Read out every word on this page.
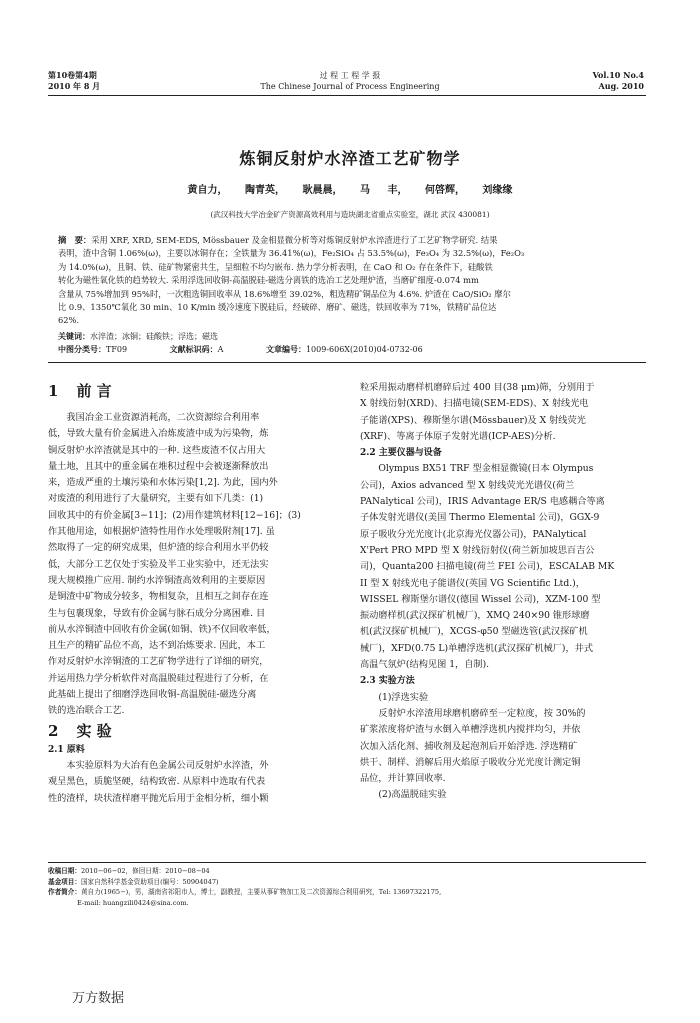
第10卷第4期
2010 年 8 月
过 程 工 程 学 报
The Chinese Journal of Process Engineering
Vol.10 No.4
Aug. 2010
炼铜反射炉水淬渣工艺矿物学
黄自力， 陶青英， 耿晨晨， 马 丰， 何啓辉， 刘缘缘
(武汉科技大学冶金矿产资源高效利用与造块湖北省重点实验室，湖北 武汉 430081)
摘　要：采用 XRF, XRD, SEM-EDS, Mössbauer 及金相显微分析等对炼铜反射炉水淬渣进行了工艺矿物学研究. 结果
表明，渣中含铜 1.06%(ω)，主要以冰铜存在；全铁量为 36.41%(ω)，Fe₂SiO₄ 占 53.5%(ω)，Fe₃O₄ 为 32.5%(ω)，Fe₂O₃
为 14.0%(ω)，且铜、铁、硅矿物紧密共生，呈细粒不均匀嵌布. 热力学分析表明，在 CaO 和 O₂ 存在条件下，硅酸铁
转化为磁性氧化铁的趋势较大. 采用浮选回收铜-高温脱硅-磁选分离铁的选冶工艺处理炉渣，当磨矿细度-0.074 mm
含量从 75%增加到 95%时，一次粗选铜回收率从 18.6%增至 39.02%，粗选精矿铜品位为 4.6%. 炉渣在 CaO/SiO₂ 摩尔
比 0.9、1350℃氧化 30 min、10 K/min 缓冷速度下脱硅后，经破碎、磨矿、磁选，铁回收率为 71%，铁精矿品位达
62%.
关键词：水淬渣；冰铜；硅酸铁；浮选；磁选
中图分类号：TF09	文献标识码：A	文章编号：1009-606X(2010)04-0732-06

1 前 言

我国冶金工业资源消耗高，二次资源综合利用率

低，导致大量有价金属进入冶炼废渣中成为污染物，炼

铜反射炉水淬渣就是其中的一种. 这些废渣不仅占用大

量土地，且其中的重金属在堆积过程中会被逐渐释放出

来，造成严重的土壤污染和水体污染[1,2]. 为此，国内外

对废渣的利用进行了大量研究，主要有如下几类：(1)

回收其中的有价金属[3−11]；(2)用作建筑材料[12−16]；(3)

作其他用途，如根据炉渣特性用作水处理吸附剂[17]. 虽

然取得了一定的研究成果，但炉渣的综合利用水平仍较

低，大部分工艺仅处于实验及半工业实验中，还无法实

现大规模推广应用. 制约水淬铜渣高效利用的主要原因

是铜渣中矿物成分较多，物相复杂，且相互之间存在连

生与包裹现象，导致有价金属与脉石成分分离困难. 目

前从水淬铜渣中回收有价金属(如铜、铁)不仅回收率低，

且生产的精矿品位不高，达不到冶炼要求. 因此，本工

作对反射炉水淬铜渣的工艺矿物学进行了详细的研究，

并运用热力学分析软件对高温脱硅过程进行了分析，在

此基础上提出了细磨浮选回收铜-高温脱硅-磁选分离

铁的选冶联合工艺.

2 实 验

2.1 原料

本实验原料为大冶有色金属公司反射炉水淬渣，外

观呈黑色，质脆坚硬，结构致密. 从原料中选取有代表

性的渣样，块状渣样磨平抛光后用于金相分析，细小颗

粒采用振动磨样机磨碎后过 400 目(38 μm)筛，分别用于

X 射线衍射(XRD)、扫描电镜(SEM-EDS)、X 射线光电

子能谱(XPS)、穆斯堡尔谱(Mössbauer)及 X 射线荧光

(XRF)、等离子体原子发射光谱(ICP-AES)分析.

2.2 主要仪器与设备

Olympus BX51 TRF 型金相显微镜(日本 Olympus

公司)，Axios advanced 型 X 射线荧光光谱仪(荷兰

PANalytical 公司)，IRIS Advantage ER/S 电感耦合等离

子体发射光谱仪(美国 Thermo Elemental 公司)，GGX-9

原子吸收分光光度计(北京海光仪器公司)，PANalytical

X'Pert PRO MPD 型 X 射线衍射仪(荷兰新加坡思百吉公

司)，Quanta200 扫描电镜(荷兰 FEI 公司)，ESCALAB MK

II 型 X 射线光电子能谱仪(英国 VG Scientific Ltd.)，

WISSEL 穆斯堡尔谱仪(德国 Wissel 公司)，XZM-100 型

振动磨样机(武汉探矿机械厂)，XMQ 240×90 锥形球磨

机(武汉探矿机械厂)，XCGS-φ50 型磁选管(武汉探矿机

械厂)，XFD(0.75 L)单槽浮选机(武汉探矿机械厂)，井式

高温气氛炉(结构见图 1，自制).

2.3 实验方法

(1)浮选实验

反射炉水淬渣用球磨机磨碎至一定粒度，按 30%的

矿浆浓度将炉渣与水倒入单槽浮选机内搅拌均匀，并依

次加入活化剂、捕收剂及起泡剂后开始浮选. 浮选精矿

烘干、制样、消解后用火焰原子吸收分光光度计测定铜

品位，并计算回收率.

(2)高温脱硅实验

收稿日期：2010−06−02，修回日期：2010−08−04
基金项目：国家自然科学基金资助项目(编号：50904047)
作者简介：黄自力(1965−)，男，湖南省祁阳市人，博士，副教授，主要从事矿物加工及二次资源综合利用研究，Tel: 13697322175,
E-mail: huangzili0424@sina.com.
万方数据
